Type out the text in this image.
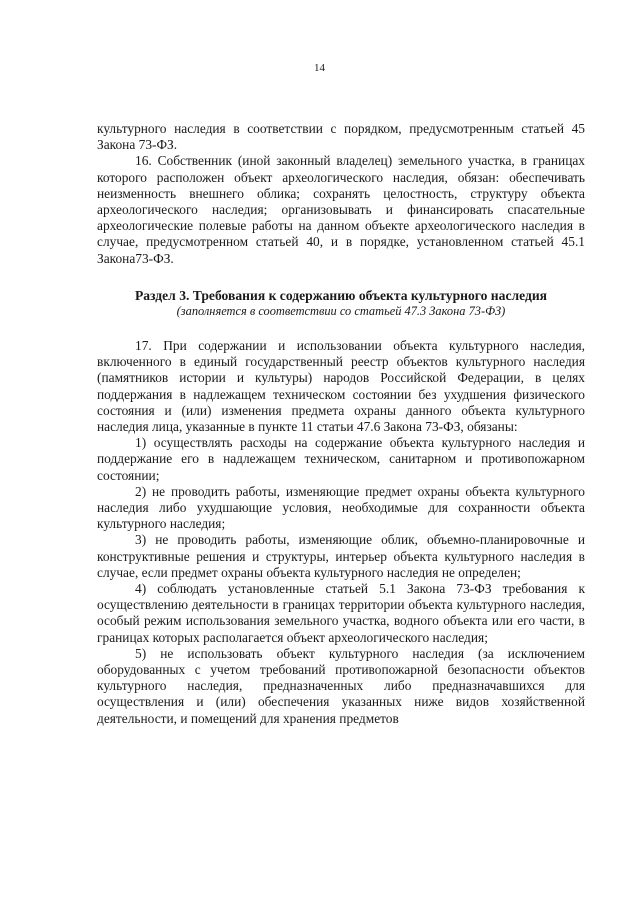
14

культурного наследия в соответствии с порядком, предусмотренным статьей 45 Закона 73-ФЗ.

16. Собственник (иной законный владелец) земельного участка, в границах которого расположен объект археологического наследия, обязан: обеспечивать неизменность внешнего облика; сохранять целостность, структуру объекта археологического наследия; организовывать и финансировать спасательные археологические полевые работы на данном объекте археологического наследия в случае, предусмотренном статьей 40, и в порядке, установленном статьей 45.1 Закона73-ФЗ.

Раздел 3. Требования к содержанию объекта культурного наследия
(заполняется в соответствии со статьей 47.3 Закона 73-ФЗ)

17. При содержании и использовании объекта культурного наследия, включенного в единый государственный реестр объектов культурного наследия (памятников истории и культуры) народов Российской Федерации, в целях поддержания в надлежащем техническом состоянии без ухудшения физического состояния и (или) изменения предмета охраны данного объекта культурного наследия лица, указанные в пункте 11 статьи 47.6 Закона 73-ФЗ, обязаны:

1) осуществлять расходы на содержание объекта культурного наследия и поддержание его в надлежащем техническом, санитарном и противопожарном состоянии;

2) не проводить работы, изменяющие предмет охраны объекта культурного наследия либо ухудшающие условия, необходимые для сохранности объекта культурного наследия;

3) не проводить работы, изменяющие облик, объемно-планировочные и конструктивные решения и структуры, интерьер объекта культурного наследия в случае, если предмет охраны объекта культурного наследия не определен;

4) соблюдать установленные статьей 5.1 Закона 73-ФЗ требования к осуществлению деятельности в границах территории объекта культурного наследия, особый режим использования земельного участка, водного объекта или его части, в границах которых располагается объект археологического наследия;

5) не использовать объект культурного наследия (за исключением оборудованных с учетом требований противопожарной безопасности объектов культурного наследия, предназначенных либо предназначавшихся для осуществления и (или) обеспечения указанных ниже видов хозяйственной деятельности, и помещений для хранения предметов
